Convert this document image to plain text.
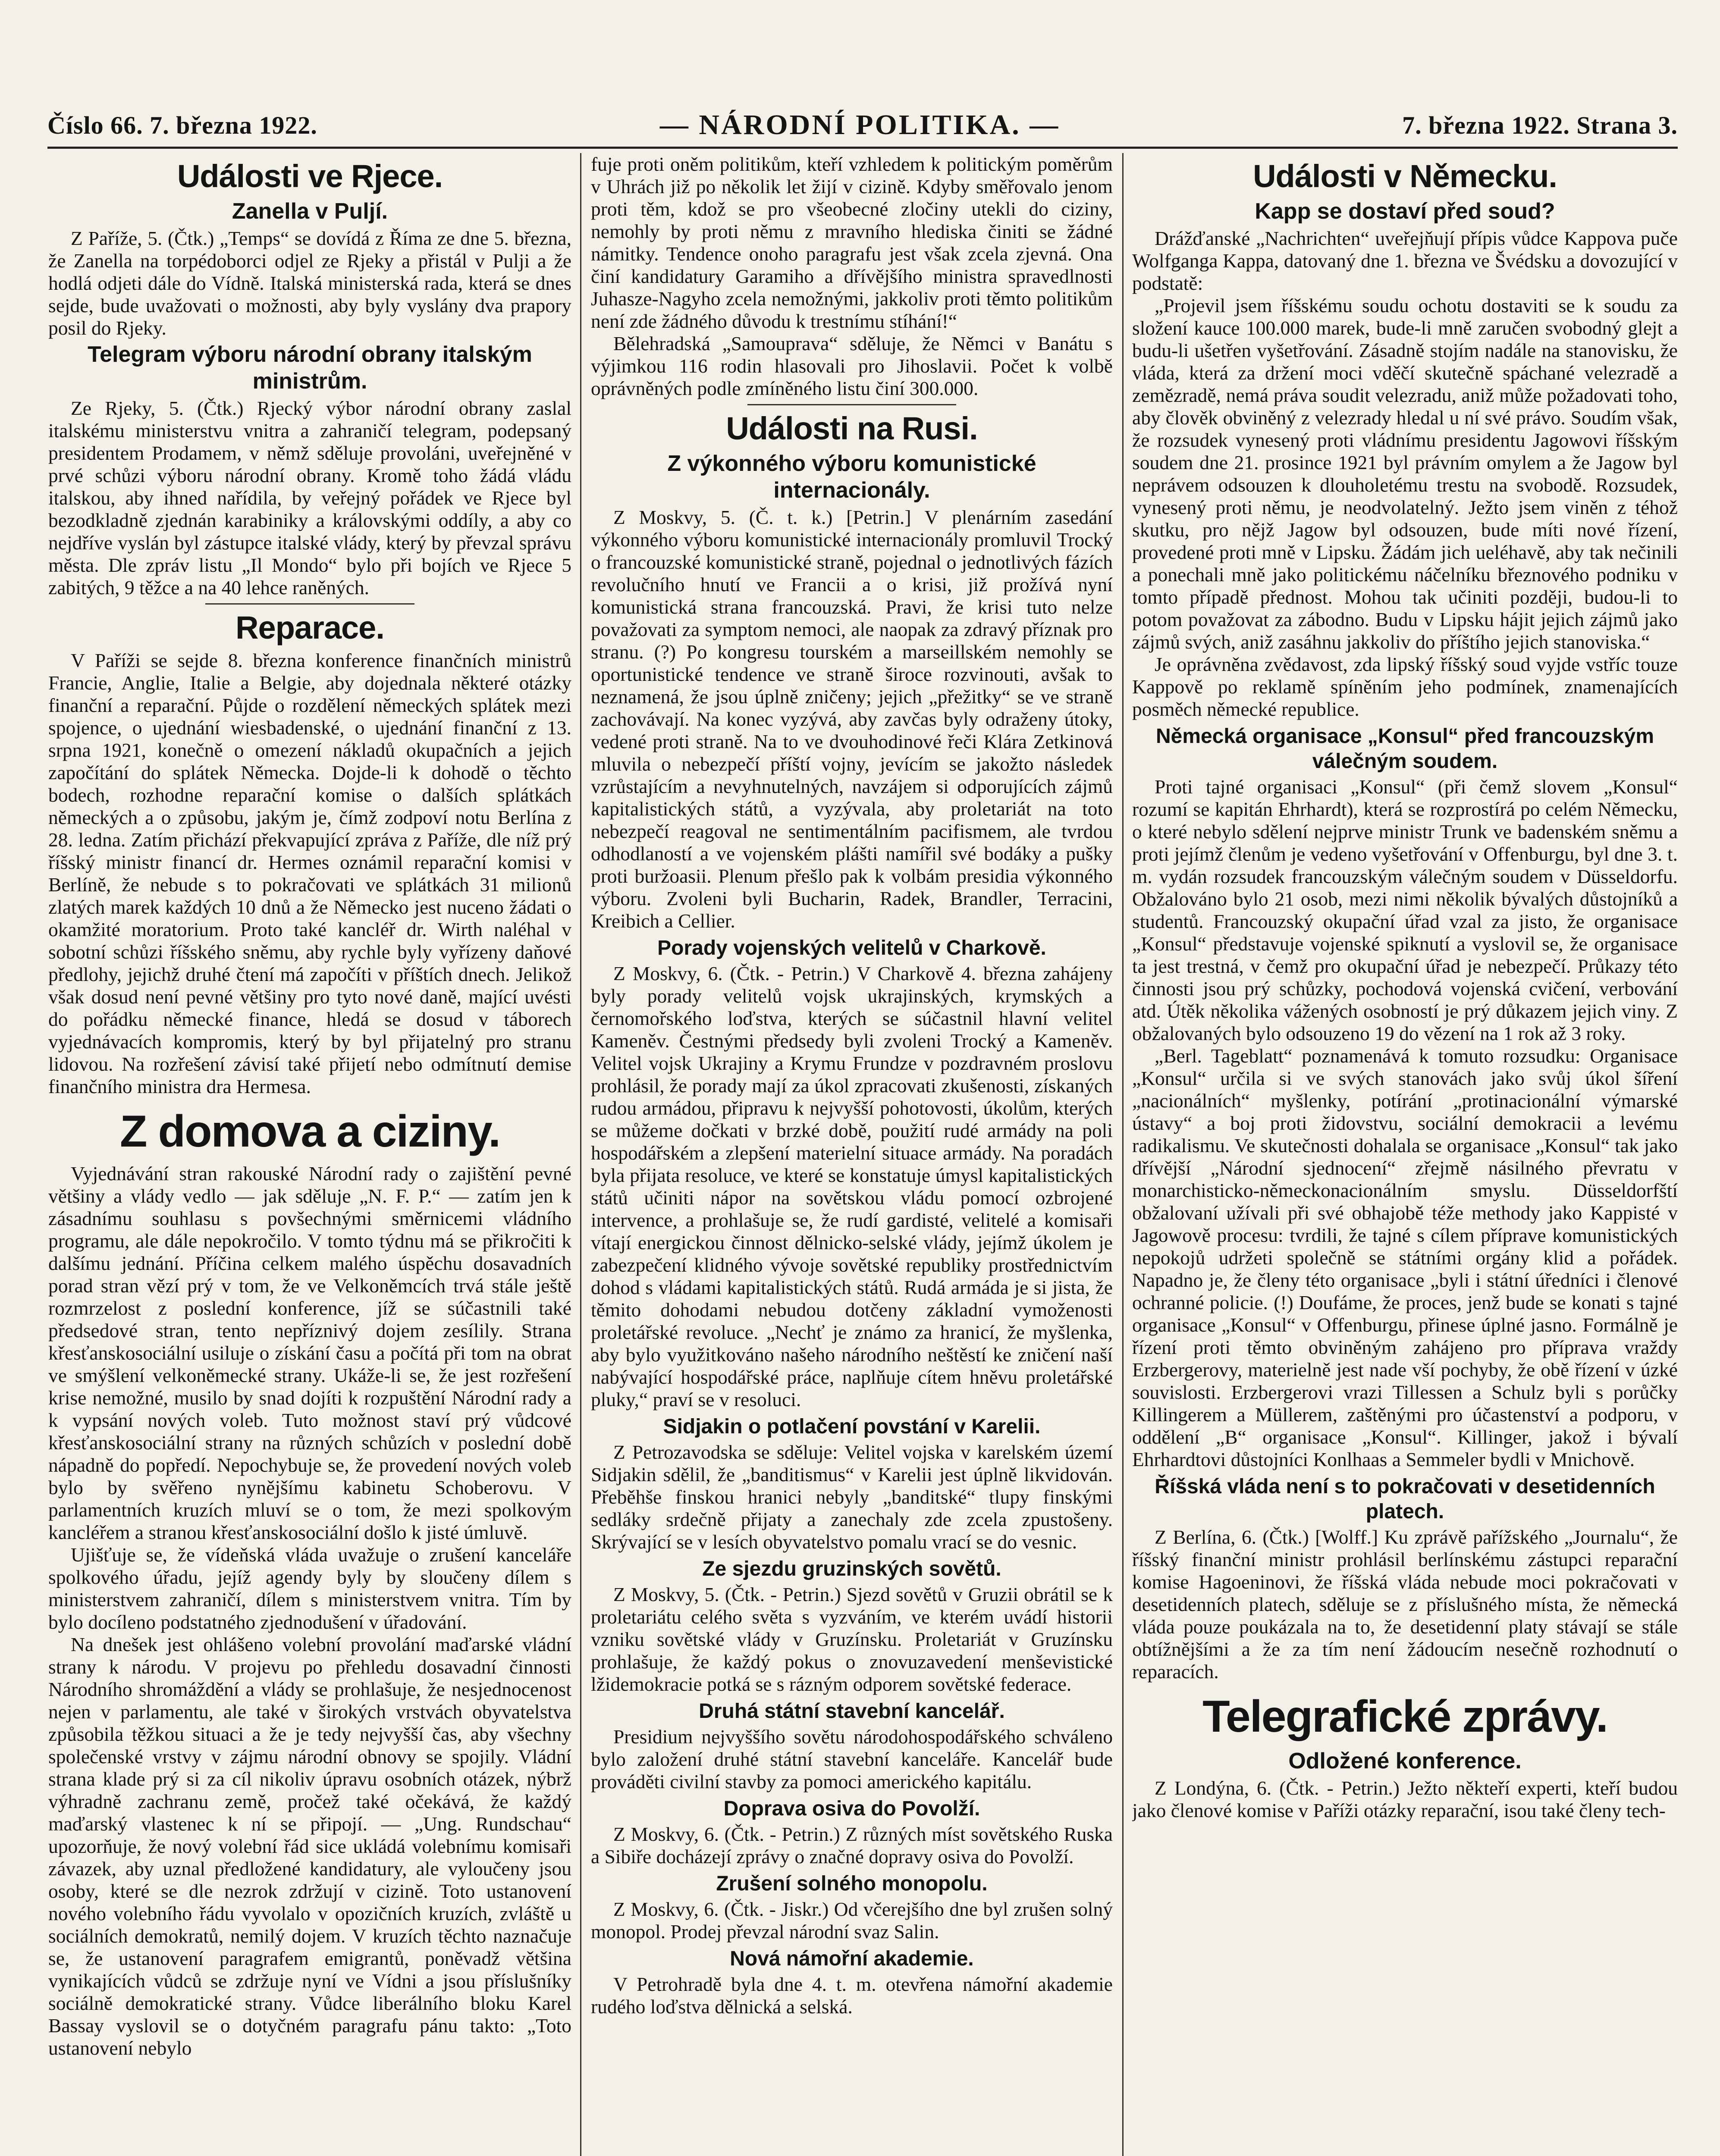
Číslo 66. 7. března 1922.	— NÁRODNÍ POLITIKA. —	7. března 1922. Strana 3.
Události ve Rjece.
Zanella v Puljí.

Z Paříže, 5. (Čtk.) „Temps“ se dovídá z Říma ze dne 5. března, že Zanella na torpédoborci odjel ze Rjeky a přistál v Pulji a že hodlá odjeti dále do Vídně. Italská ministerská rada, která se dnes sejde, bude uvažovati o možnosti, aby byly vyslány dva prapory posil do Rjeky.

Telegram výboru národní obrany italským ministrům.

Ze Rjeky, 5. (Čtk.) Rjecký výbor národní obrany zaslal italskému ministerstvu vnitra a zahraničí telegram, podepsaný presidentem Prodamem, v němž sděluje provoláni, uveřejněné v prvé schůzi výboru národní obrany. Kromě toho žádá vládu italskou, aby ihned nařídila, by veřejný pořádek ve Rjece byl bezodkladně zjednán karabiniky a královskými oddíly, a aby co nejdříve vyslán byl zástupce italské vlády, který by převzal správu města. Dle zpráv listu „Il Mondo“ bylo při bojích ve Rjece 5 zabitých, 9 těžce a na 40 lehce raněných.

Reparace.

V Paříži se sejde 8. března konference finančních ministrů Francie, Anglie, Italie a Belgie, aby dojednala některé otázky finanční a reparační. Půjde o rozdělení německých splátek mezi spojence, o ujednání wiesbadenské, o ujednání finanční z 13. srpna 1921, konečně o omezení nákladů okupačních a jejich započítání do splátek Německa. Dojde-li k dohodě o těchto bodech, rozhodne reparační komise o dalších splátkách německých a o způsobu, jakým je, čímž zodpoví notu Berlína z 28. ledna. Zatím přichází překvapující zpráva z Paříže, dle níž prý říšský ministr financí dr. Hermes oznámil reparační komisi v Berlíně, že nebude s to pokračovati ve splátkách 31 milionů zlatých marek každých 10 dnů a že Německo jest nuceno žádati o okamžité moratorium. Proto také kancléř dr. Wirth naléhal v sobotní schůzi říšského sněmu, aby rychle byly vyřízeny daňové předlohy, jejichž druhé čtení má započíti v příštích dnech. Jelikož však dosud není pevné většiny pro tyto nové daně, mající uvésti do pořádku německé finance, hledá se dosud v táborech vyjednávacích kompromis, který by byl přijatelný pro stranu lidovou. Na rozřešení závisí také přijetí nebo odmítnutí demise finančního ministra dra Hermesa.

Z domova a ciziny.

Vyjednávání stran rakouské Národní rady o zajištění pevné většiny a vlády vedlo — jak sděluje „N. F. P.“ — zatím jen k zásadnímu souhlasu s povšechnými směrnicemi vládního programu, ale dále nepokročilo. V tomto týdnu má se přikročiti k dalšímu jednání. Příčina celkem malého úspěchu dosavadních porad stran vězí prý v tom, že ve Velkoněmcích trvá stále ještě rozmrzelost z poslední konference, jíž se súčastnili také předsedové stran, tento nepříznivý dojem zesílily. Strana křesťanskosociální usiluje o získání času a počítá při tom na obrat ve smýšlení velkoněmecké strany. Ukáže-li se, že jest rozřešení krise nemožné, musilo by snad dojíti k rozpuštění Národní rady a k vypsání nových voleb. Tuto možnost staví prý vůdcové křesťanskosociální strany na různých schůzích v poslední době nápadně do popředí. Nepochybuje se, že provedení nových voleb bylo by svěřeno nynějšímu kabinetu Schoberovu. V parlamentních kruzích mluví se o tom, že mezi spolkovým kancléřem a stranou křesťanskosociální došlo k jisté úmluvě.

Ujišťuje se, že vídeňská vláda uvažuje o zrušení kanceláře spolkového úřadu, jejíž agendy byly by sloučeny dílem s ministerstvem zahraničí, dílem s ministerstvem vnitra. Tím by bylo docíleno podstatného zjednodušení v úřadování.

Na dnešek jest ohlášeno volební provolání maďarské vládní strany k národu. V projevu po přehledu dosavadní činnosti Národního shromáždění a vlády se prohlašuje, že nesjednocenost nejen v parlamentu, ale také v širokých vrstvách obyvatelstva způsobila těžkou situaci a že je tedy nejvyšší čas, aby všechny společenské vrstvy v zájmu národní obnovy se spojily. Vládní strana klade prý si za cíl nikoliv úpravu osobních otázek, nýbrž výhradně zachranu země, pročež také očekává, že každý maďarský vlastenec k ní se připojí. — „Ung. Rundschau“ upozorňuje, že nový volební řád sice ukládá volebnímu komisaři závazek, aby uznal předložené kandidatury, ale vyloučeny jsou osoby, které se dle nezrok zdržují v cizině. Toto ustanovení nového volebního řádu vyvolalo v opozičních kruzích, zvláště u sociálních demokratů, nemilý dojem. V kruzích těchto naznačuje se, že ustanovení paragrafem emigrantů, poněvadž většina vynikajících vůdců se zdržuje nyní ve Vídni a jsou příslušníky sociálně demokratické strany. Vůdce liberálního bloku Karel Bassay vyslovil se o dotyčném paragrafu pánu takto: „Toto ustanovení nebylo

fuje proti oněm politikům, kteří vzhledem k politickým poměrům v Uhrách již po několik let žijí v cizině. Kdyby směřovalo jenom proti těm, kdož se pro všeobecné zločiny utekli do ciziny, nemohly by proti němu z mravního hlediska činiti se žádné námitky. Tendence onoho paragrafu jest však zcela zjevná. Ona činí kandidatury Garamiho a dřívějšího ministra spravedlnosti Juhasze-Nagyho zcela nemožnými, jakkoliv proti těmto politikům není zde žádného důvodu k trestnímu stíhání!“

Bělehradská „Samouprava“ sděluje, že Němci v Banátu s výjimkou 116 rodin hlasovali pro Jihoslavii. Počet k volbě oprávněných podle zmíněného listu činí 300.000.

Události na Rusi.
Z výkonného výboru komunistické internacionály.

Z Moskvy, 5. (Č. t. k.) [Petrin.] V plenárním zasedání výkonného výboru komunistické internacionály promluvil Trocký o francouzské komunistické straně, pojednal o jednotlivých fázích revolučního hnutí ve Francii a o krisi, již prožívá nyní komunistická strana francouzská. Pravi, že krisi tuto nelze považovati za symptom nemoci, ale naopak za zdravý příznak pro stranu. (?) Po kongresu tourském a marseillském nemohly se oportunistické tendence ve straně široce rozvinouti, avšak to neznamená, že jsou úplně zničeny; jejich „přežitky“ se ve straně zachovávají. Na konec vyzývá, aby zavčas byly odraženy útoky, vedené proti straně. Na to ve dvouhodinové řeči Klára Zetkinová mluvila o nebezpečí příští vojny, jevícím se jakožto následek vzrůstajícím a nevyhnutelných, navzájem si odporujících zájmů kapitalistických států, a vyzývala, aby proletariát na toto nebezpečí reagoval ne sentimentálním pacifismem, ale tvrdou odhodlaností a ve vojenském plášti namířil své bodáky a pušky proti buržoasii. Plenum přešlo pak k volbám presidia výkonného výboru. Zvoleni byli Bucharin, Radek, Brandler, Terracini, Kreibich a Cellier.

Porady vojenských velitelů v Charkově.

Z Moskvy, 6. (Čtk. - Petrin.) V Charkově 4. března zahájeny byly porady velitelů vojsk ukrajinských, krymských a černomořského loďstva, kterých se súčastnil hlavní velitel Kameněv. Čestnými předsedy byli zvoleni Trocký a Kameněv. Velitel vojsk Ukrajiny a Krymu Frundze v pozdravném proslovu prohlásil, že porady mají za úkol zpracovati zkušenosti, získaných rudou armádou, připravu k nejvyšší pohotovosti, úkolům, kterých se můžeme dočkati v brzké době, použití rudé armády na poli hospodářském a zlepšení materielní situace armády. Na poradách byla přijata resoluce, ve které se konstatuje úmysl kapitalistických států učiniti nápor na sovětskou vládu pomocí ozbrojené intervence, a prohlašuje se, že rudí gardisté, velitelé a komisaři vítají energickou činnost dělnicko-selské vlády, jejímž úkolem je zabezpečení klidného vývoje sovětské republiky prostřednictvím dohod s vládami kapitalistických států. Rudá armáda je si jista, že těmito dohodami nebudou dotčeny základní vymoženosti proletářské revoluce. „Nechť je známo za hranicí, že myšlenka, aby bylo využitkováno našeho národního neštěstí ke zničení naší nabývající hospodářské práce, naplňuje cítem hněvu proletářské pluky,“ praví se v resoluci.

Sidjakin o potlačení povstání v Karelii.

Z Petrozavodska se sděluje: Velitel vojska v karelském území Sidjakin sdělil, že „banditismus“ v Karelii jest úplně likvidován. Přeběhše finskou hranici nebyly „banditské“ tlupy finskými sedláky srdečně přijaty a zanechaly zde zcela zpustošeny. Skrývající se v lesích obyvatelstvo pomalu vrací se do vesnic.

Ze sjezdu gruzinských sovětů.

Z Moskvy, 5. (Čtk. - Petrin.) Sjezd sovětů v Gruzii obrátil se k proletariátu celého světa s vyzváním, ve kterém uvádí historii vzniku sovětské vlády v Gruzínsku. Proletariát v Gruzínsku prohlašuje, že každý pokus o znovuzavedení menševistické lžidemokracie potká se s rázným odporem sovětské federace.

Druhá státní stavební kancelář.

Presidium nejvyššího sovětu národohospodářského schváleno bylo založení druhé státní stavební kanceláře. Kancelář bude prováděti civilní stavby za pomoci amerického kapitálu.

Doprava osiva do Povolží.

Z Moskvy, 6. (Čtk. - Petrin.) Z různých míst sovětského Ruska a Sibiře docházejí zprávy o značné dopravy osiva do Povolží.

Zrušení solného monopolu.

Z Moskvy, 6. (Čtk. - Jiskr.) Od včerejšího dne byl zrušen solný monopol. Prodej převzal národní svaz Salin.

Nová námořní akademie.

V Petrohradě byla dne 4. t. m. otevřena námořní akademie rudého loďstva dělnická a selská.

Události v Německu.
Kapp se dostaví před soud?

Drážďanské „Nachrichten“ uveřejňují přípis vůdce Kappova puče Wolfganga Kappa, datovaný dne 1. března ve Švédsku a dovozující v podstatě:

„Projevil jsem říšskému soudu ochotu dostaviti se k soudu za složení kauce 100.000 marek, bude-li mně zaručen svobodný glejt a budu-li ušetřen vyšetřování. Zásadně stojím nadále na stanovisku, že vláda, která za držení moci vděčí skutečně spáchané velezradě a zemězradě, nemá práva soudit velezradu, aniž může požadovati toho, aby člověk obviněný z velezrady hledal u ní své právo. Soudím však, že rozsudek vynesený proti vládnímu presidentu Jagowovi říšským soudem dne 21. prosince 1921 byl právním omylem a že Jagow byl neprávem odsouzen k dlouholetému trestu na svobodě. Rozsudek, vynesený proti němu, je neodvolatelný. Ježto jsem viněn z téhož skutku, pro nějž Jagow byl odsouzen, bude míti nové řízení, provedené proti mně v Lipsku. Žádám jich ueléhavě, aby tak nečinili a ponechali mně jako politickému náčelníku březnového podniku v tomto případě přednost. Mohou tak učiniti později, budou-li to potom považovat za zábodno. Budu v Lipsku hájit jejich zájmů jako zájmů svých, aniž zasáhnu jakkoliv do příštího jejich stanoviska.“

Je oprávněna zvědavost, zda lipský říšský soud vyjde vstříc touze Kappově po reklamě spíněním jeho podmínek, znamenajících posměch německé republice.

Německá organisace „Konsul“ před francouzským válečným soudem.

Proti tajné organisaci „Konsul“ (při čemž slovem „Konsul“ rozumí se kapitán Ehrhardt), která se rozprostírá po celém Německu, o které nebylo sdělení nejprve ministr Trunk ve badenském sněmu a proti jejímž členům je vedeno vyšetřování v Offenburgu, byl dne 3. t. m. vydán rozsudek francouzským válečným soudem v Düsseldorfu. Obžalováno bylo 21 osob, mezi nimi několik bývalých důstojníků a studentů. Francouzský okupační úřad vzal za jisto, že organisace „Konsul“ představuje vojenské spiknutí a vyslovil se, že organisace ta jest trestná, v čemž pro okupační úřad je nebezpečí. Průkazy této činnosti jsou prý schůzky, pochodová vojenská cvičení, verbování atd. Útěk několika vážených osobností je prý důkazem jejich viny. Z obžalovaných bylo odsouzeno 19 do vězení na 1 rok až 3 roky.

„Berl. Tageblatt“ poznamenává k tomuto rozsudku: Organisace „Konsul“ určila si ve svých stanovách jako svůj úkol šíření „nacionálních“ myšlenky, potírání „protinacionální výmarské ústavy“ a boj proti židovstvu, sociální demokracii a levému radikalismu. Ve skutečnosti dohalala se organisace „Konsul“ tak jako dřívější „Národní sjednocení“ zřejmě násilného převratu v monarchisticko-německonacionálním smyslu. Düsseldorfští obžalovaní užívali při své obhajobě téže methody jako Kappisté v Jagowově procesu: tvrdili, že tajné s cílem příprave komunistických nepokojů udržeti společně se státními orgány klid a pořádek. Napadno je, že členy této organisace „byli i státní úředníci i členové ochranné policie. (!) Doufáme, že proces, jenž bude se konati s tajné organisace „Konsul“ v Offenburgu, přinese úplné jasno. Formálně je řízení proti těmto obviněným zahájeno pro příprava vraždy Erzbergerovy, materielně jest nade vší pochyby, že obě řízení v úzké souvislosti. Erzbergerovi vrazi Tillessen a Schulz byli s porůčky Killingerem a Müllerem, zaštěnými pro účastenství a podporu, v oddělení „B“ organisace „Konsul“. Killinger, jakož i bývalí Ehrhardtovi důstojníci Konlhaas a Semmeler bydli v Mnichově.

Říšská vláda není s to pokračovati v desetidenních platech.

Z Berlína, 6. (Čtk.) [Wolff.] Ku zprávě pařížského „Journalu“, že říšský finanční ministr prohlásil berlínskému zástupci reparační komise Hagoeninovi, že říšská vláda nebude moci pokračovati v desetidenních platech, sděluje se z příslušného místa, že německá vláda pouze poukázala na to, že desetidenní platy stávají se stále obtížnějšími a že za tím není žádoucím nesečně rozhodnutí o reparacích.

Telegrafické zprávy.
Odložené konference.

Z Londýna, 6. (Čtk. - Petrin.) Ježto někteří experti, kteří budou jako členové komise v Paříži otázky reparační, isou také členy tech-
